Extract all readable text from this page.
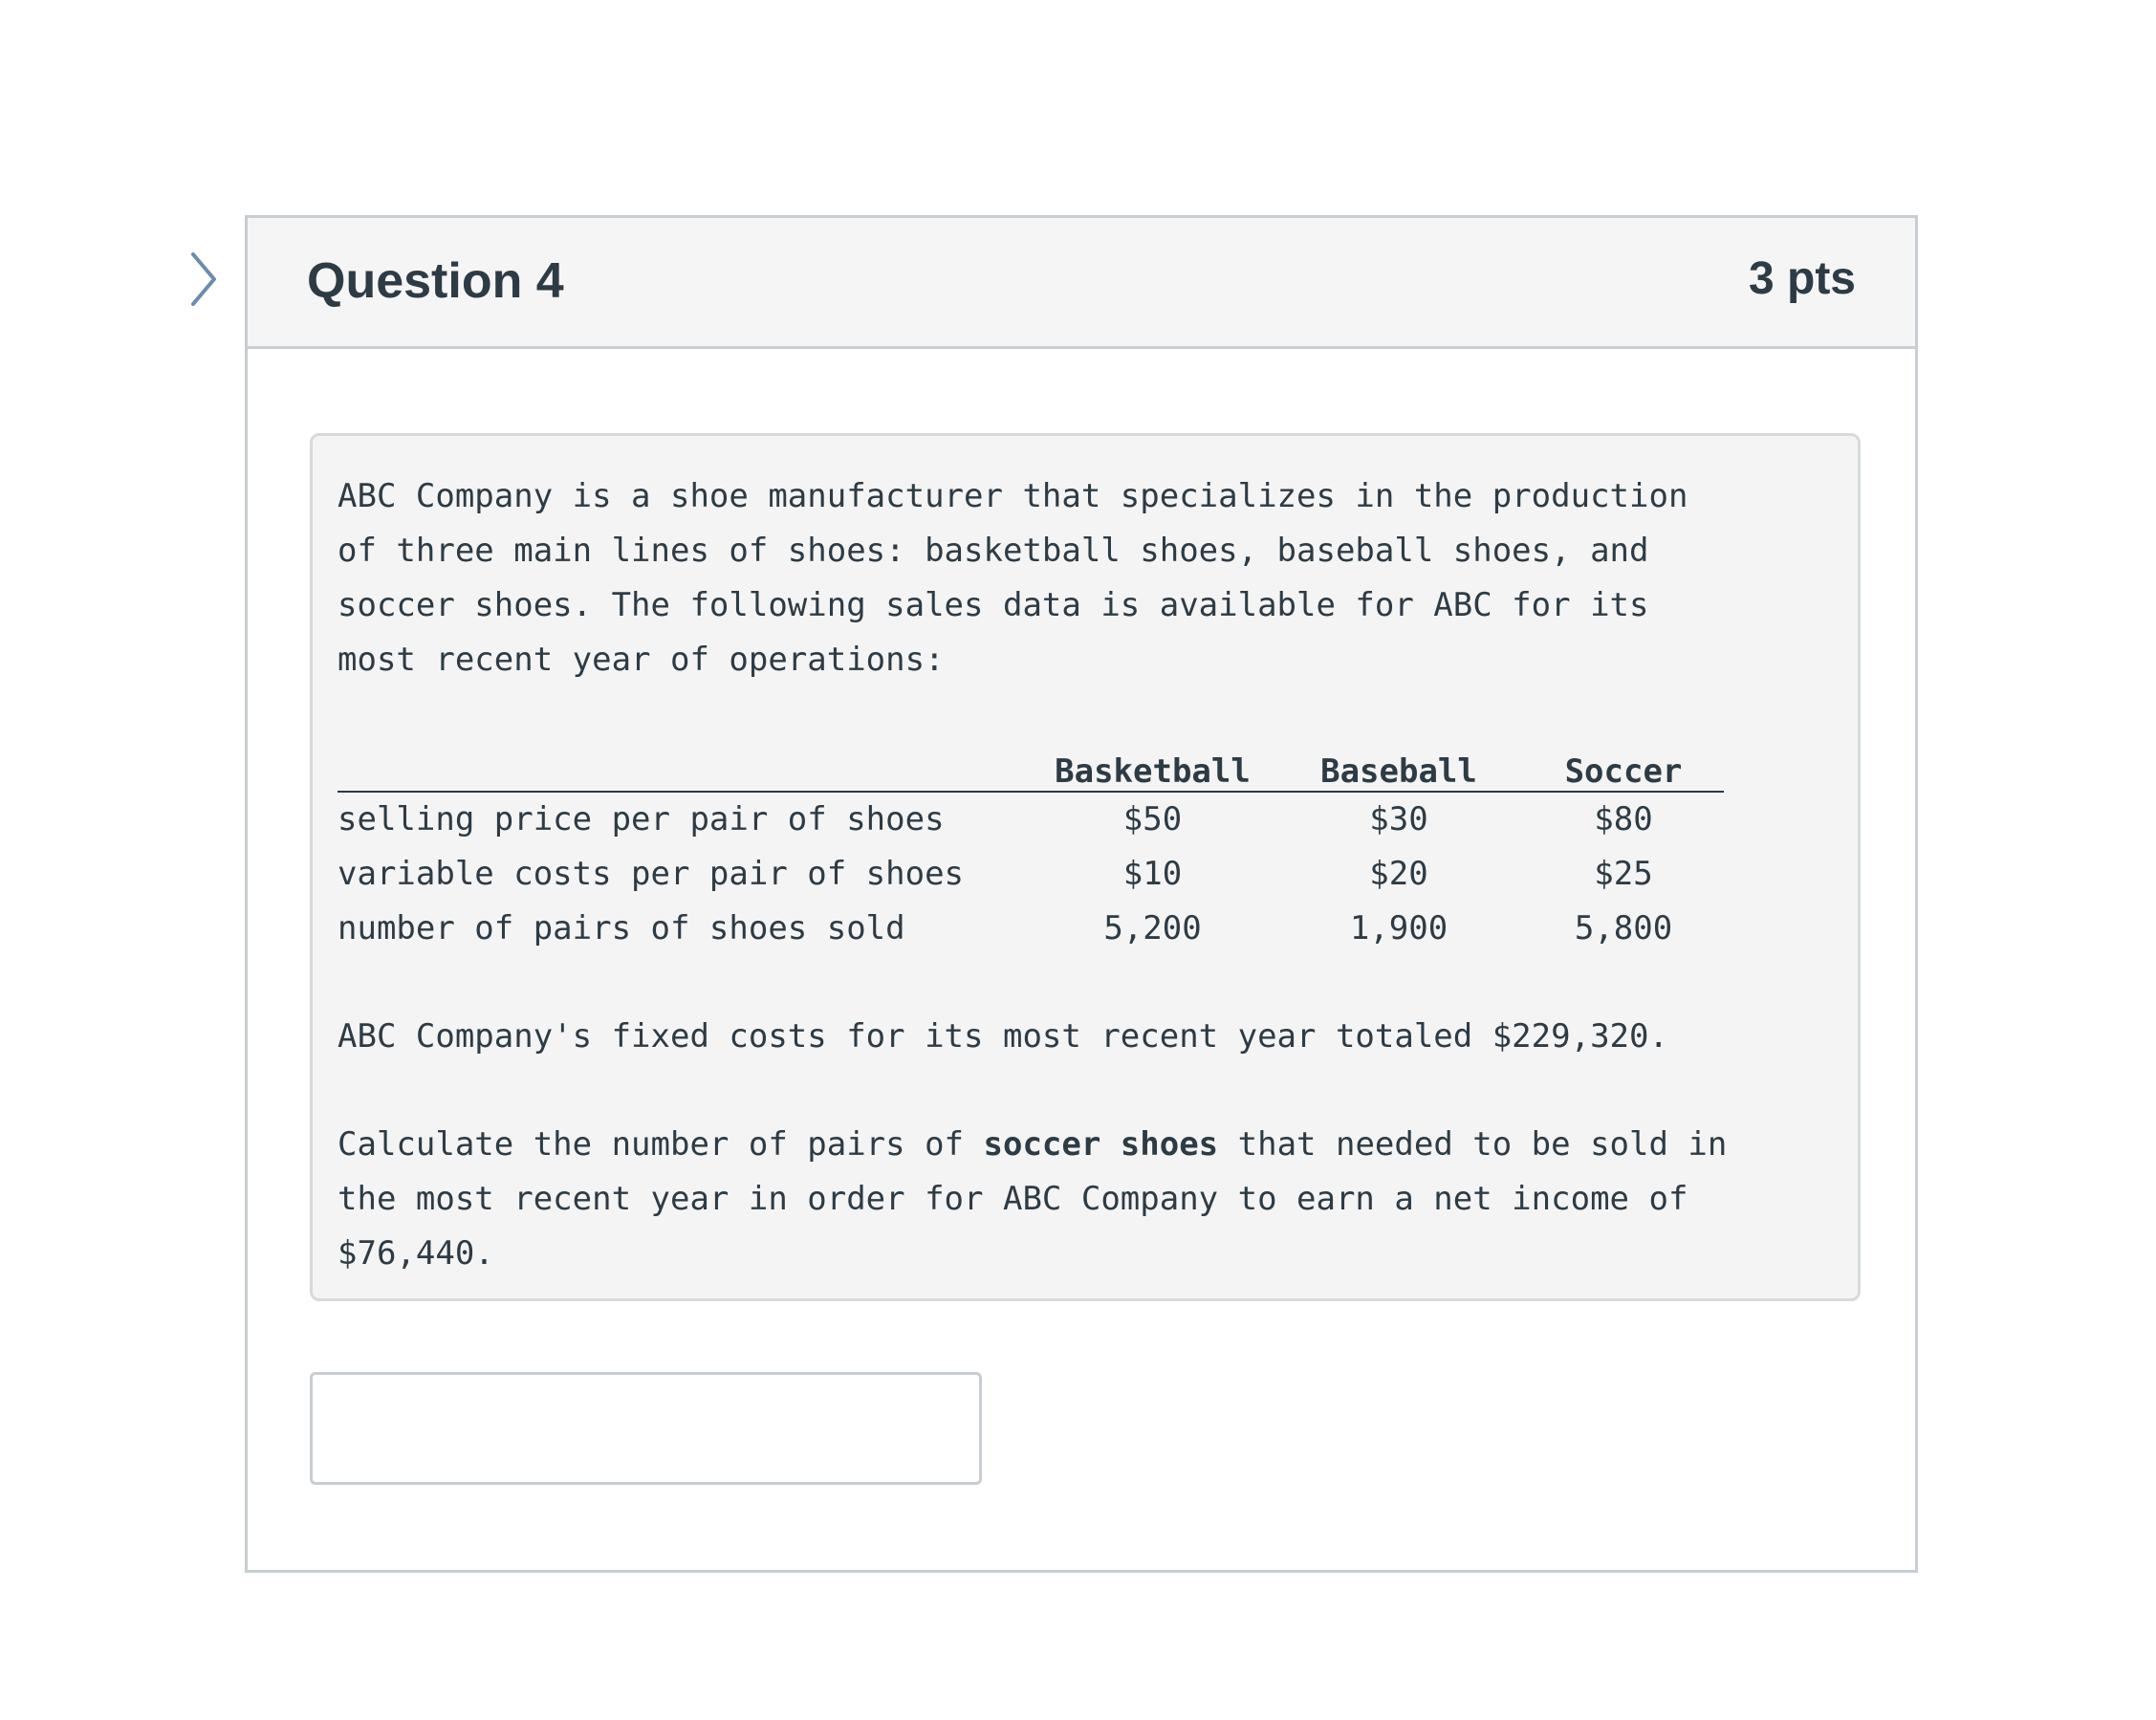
Question 4	3 pts

ABC Company is a shoe manufacturer that specializes in the production of three main lines of shoes: basketball shoes, baseball shoes, and soccer shoes. The following sales data is available for ABC for its most recent year of operations:

	Basketball	Baseball	Soccer
selling price per pair of shoes	$50	$30	$80
variable costs per pair of shoes	$10	$20	$25
number of pairs of shoes sold	5,200	1,900	5,800

ABC Company's fixed costs for its most recent year totaled $229,320.

Calculate the number of pairs of soccer shoes that needed to be sold in the most recent year in order for ABC Company to earn a net income of $76,440.
